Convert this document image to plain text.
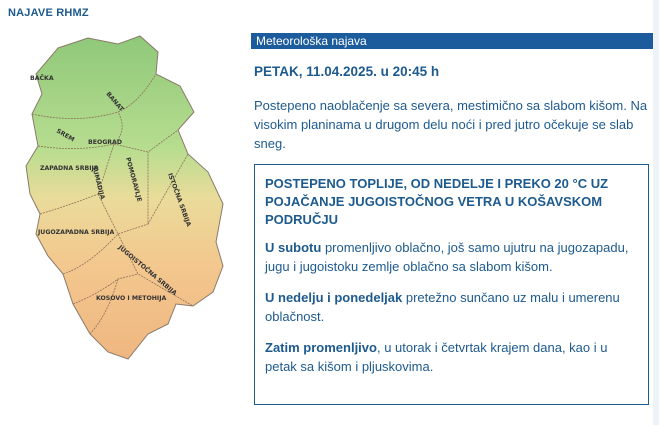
NAJAVE RHMZ
BAČKA
BANAT
SREM BEOGRAD
ZAPADNA SRBIJA
ŠUMADIJA	POMORAVLJE	ISTOČNA SRBIJA
JUGOZAPADNA SRBIJA
JUGOISTOČNA SRBIJA
KOSOVO I METOHIJA
Meteorološka najava
PETAK, 11.04.2025. u 20:45 h
Postepeno naoblačenje sa severa, mestimično sa slabom kišom. Na visokim planinama u drugom delu noći i pred jutro očekuje se slab sneg.
POSTEPENO TOPLIJE, OD NEDELJE I PREKO 20 °C UZ POJAČANJE JUGOISTOČNOG VETRA U KOŠAVSKOM PODRUČJU
U subotu promenljivo oblačno, još samo ujutru na jugozapadu, jugu i jugoistoku zemlje oblačno sa slabom kišom.
U nedelju i ponedeljak pretežno sunčano uz malu i umerenu oblačnost.
Zatim promenljivo, u utorak i četvrtak krajem dana, kao i u petak sa kišom i pljuskovima.
